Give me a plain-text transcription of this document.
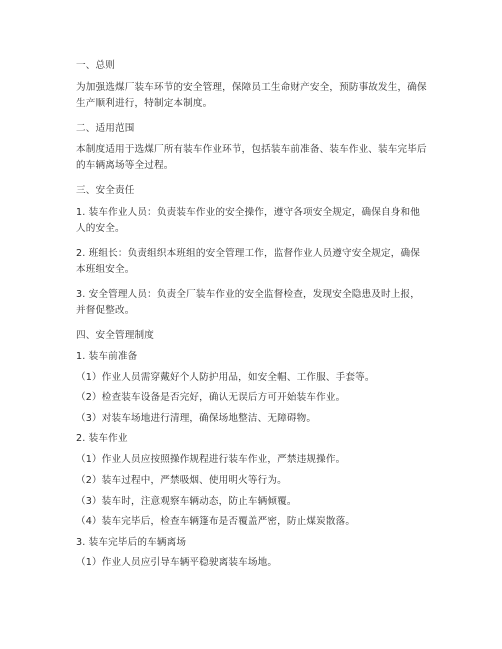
一、总则
为加强选煤厂装车环节的安全管理，保障员工生命财产安全，预防事故发生，确保
生产顺利进行，特制定本制度。
二、适用范围
本制度适用于选煤厂所有装车作业环节，包括装车前准备、装车作业、装车完毕后
的车辆离场等全过程。
三、安全责任
1. 装车作业人员：负责装车作业的安全操作，遵守各项安全规定，确保自身和他
人的安全。
2. 班组长：负责组织本班组的安全管理工作，监督作业人员遵守安全规定，确保
本班组安全。
3. 安全管理人员：负责全厂装车作业的安全监督检查，发现安全隐患及时上报，
并督促整改。
四、安全管理制度
1. 装车前准备
（1）作业人员需穿戴好个人防护用品，如安全帽、工作服、手套等。
（2）检查装车设备是否完好，确认无误后方可开始装车作业。
（3）对装车场地进行清理，确保场地整洁、无障碍物。
2. 装车作业
（1）作业人员应按照操作规程进行装车作业，严禁违规操作。
（2）装车过程中，严禁吸烟、使用明火等行为。
（3）装车时，注意观察车辆动态，防止车辆倾覆。
（4）装车完毕后，检查车辆篷布是否覆盖严密，防止煤炭散落。
3. 装车完毕后的车辆离场
（1）作业人员应引导车辆平稳驶离装车场地。
